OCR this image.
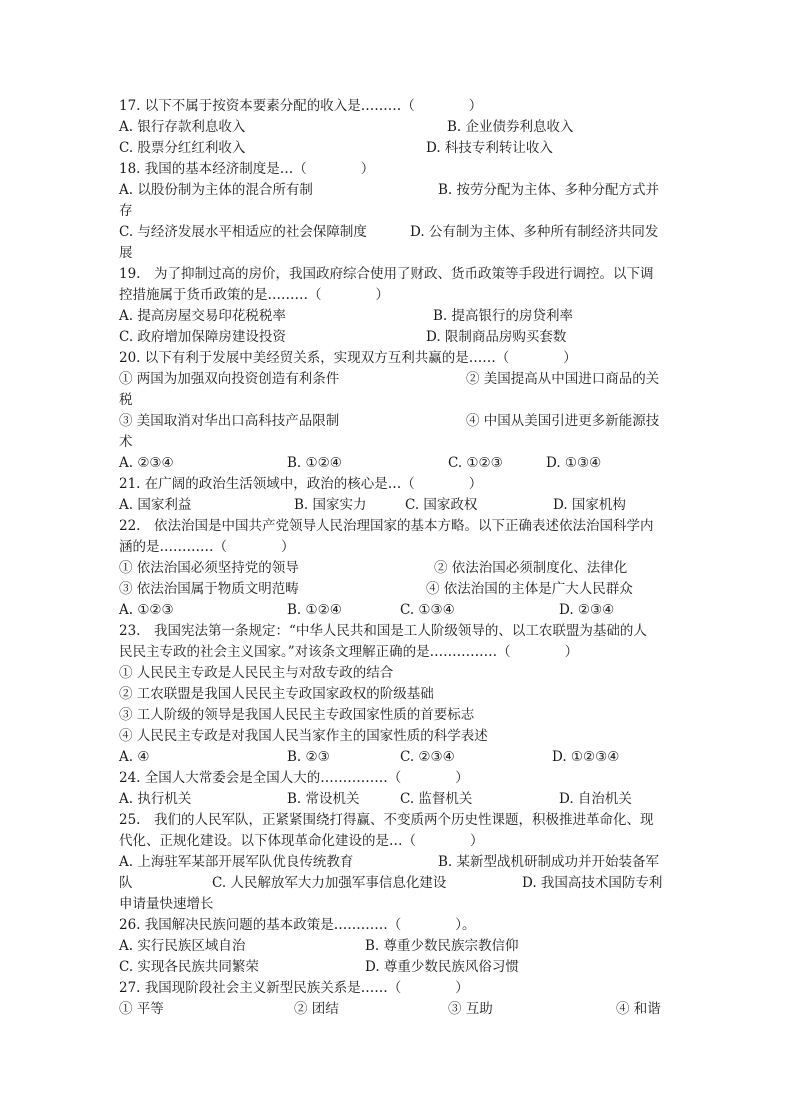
17. 以下不属于按资本要素分配的收入是………（　　　　）
A. 银行存款利息收入	B. 企业债券利息收入
C. 股票分红红利收入	D. 科技专利转让收入
18. 我国的基本经济制度是…（　　　　）
A. 以股份制为主体的混合所有制	B. 按劳分配为主体、多种分配方式并
存
C. 与经济发展水平相适应的社会保障制度	D. 公有制为主体、多种所有制经济共同发
展
19.　为了抑制过高的房价，我国政府综合使用了财政、货币政策等手段进行调控。以下调
控措施属于货币政策的是………（　　　　）
A. 提高房屋交易印花税税率	B. 提高银行的房贷利率
C. 政府增加保障房建设投资	D. 限制商品房购买套数
20. 以下有利于发展中美经贸关系，实现双方互利共赢的是……（　　　　）
① 两国为加强双向投资创造有利条件	② 美国提高从中国进口商品的关
税
③ 美国取消对华出口高科技产品限制	④ 中国从美国引进更多新能源技
术
A. ②③④	B. ①②④	C. ①②③	D. ①③④
21. 在广阔的政治生活领域中，政治的核心是…（　　　　）
A. 国家利益	B. 国家实力	C. 国家政权	D. 国家机构
22.　依法治国是中国共产党领导人民治理国家的基本方略。以下正确表述依法治国科学内
涵的是…………（　　　　）
① 依法治国必须坚持党的领导	② 依法治国必须制度化、法律化
③ 依法治国属于物质文明范畴	④ 依法治国的主体是广大人民群众
A. ①②③	B. ①②④	C. ①③④	D. ②③④
23.　我国宪法第一条规定：“中华人民共和国是工人阶级领导的、以工农联盟为基础的人
民民主专政的社会主义国家。”对该条文理解正确的是……………（　　　　）
① 人民民主专政是人民民主与对敌专政的结合
② 工农联盟是我国人民民主专政国家政权的阶级基础
③ 工人阶级的领导是我国人民民主专政国家性质的首要标志
④ 人民民主专政是对我国人民当家作主的国家性质的科学表述
A. ④	B. ②③	C. ②③④	D. ①②③④
24. 全国人大常委会是全国人大的……………（　　　　）
A. 执行机关	B. 常设机关	C. 监督机关	D. 自治机关
25.　我们的人民军队，正紧紧围绕打得赢、不变质两个历史性课题，积极推进革命化、现
代化、正规化建设。以下体现革命化建设的是…（　　　　）
A. 上海驻军某部开展军队优良传统教育	B. 某新型战机研制成功并开始装备军
队	C. 人民解放军大力加强军事信息化建设	D. 我国高技术国防专利
申请量快速增长
26. 我国解决民族问题的基本政策是…………（　　　　）。
A. 实行民族区域自治	B. 尊重少数民族宗教信仰
C. 实现各民族共同繁荣	D. 尊重少数民族风俗习惯
27. 我国现阶段社会主义新型民族关系是……（　　　　）
① 平等	② 团结	③ 互助	④ 和谐
